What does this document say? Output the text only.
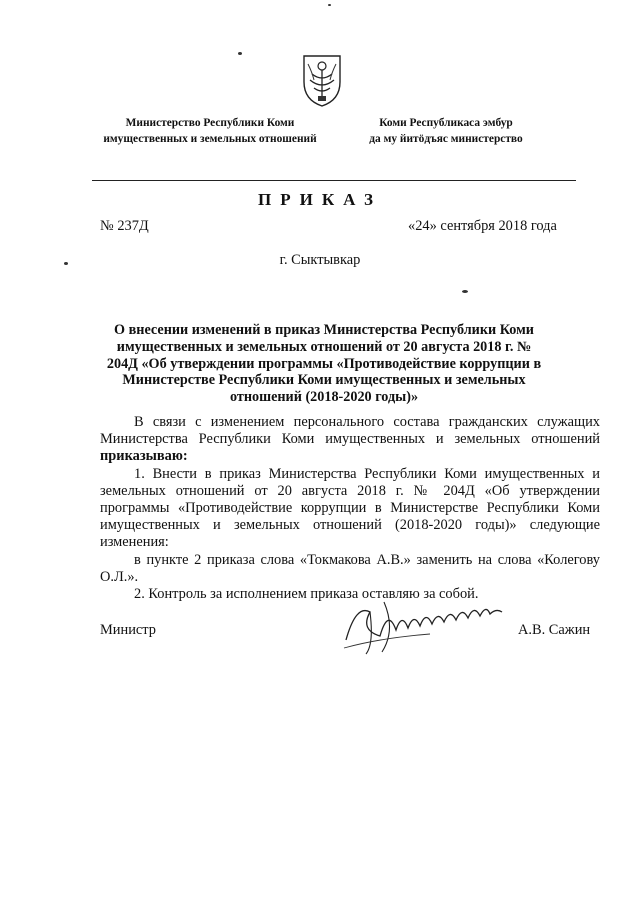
Министерство Республики Коми
имущественных и земельных отношений
Коми Республикаса эмбур
да му йитӧдъяс министерство
ПРИКАЗ
№ 237Д	«24» сентября 2018 года
г. Сыктывкар
О внесении изменений в приказ Министерства Республики Коми имущественных и земельных отношений от 20 августа 2018 г. № 204Д «Об утверждении программы «Противодействие коррупции в Министерстве Республики Коми имущественных и земельных отношений (2018-2020 годы)»

В связи с изменением персонального состава гражданских служащих Министерства Республики Коми имущественных и земельных отношений приказываю:

1. Внести в приказ Министерства Республики Коми имущественных и земельных отношений от 20 августа 2018 г. № 204Д «Об утверждении программы «Противодействие коррупции в Министерстве Республики Коми имущественных и земельных отношений (2018-2020 годы)» следующие изменения:

в пункте 2 приказа слова «Токмакова А.В.» заменить на слова «Колегову О.Л.».

2. Контроль за исполнением приказа оставляю за собой.

Министр	А.В. Сажин
